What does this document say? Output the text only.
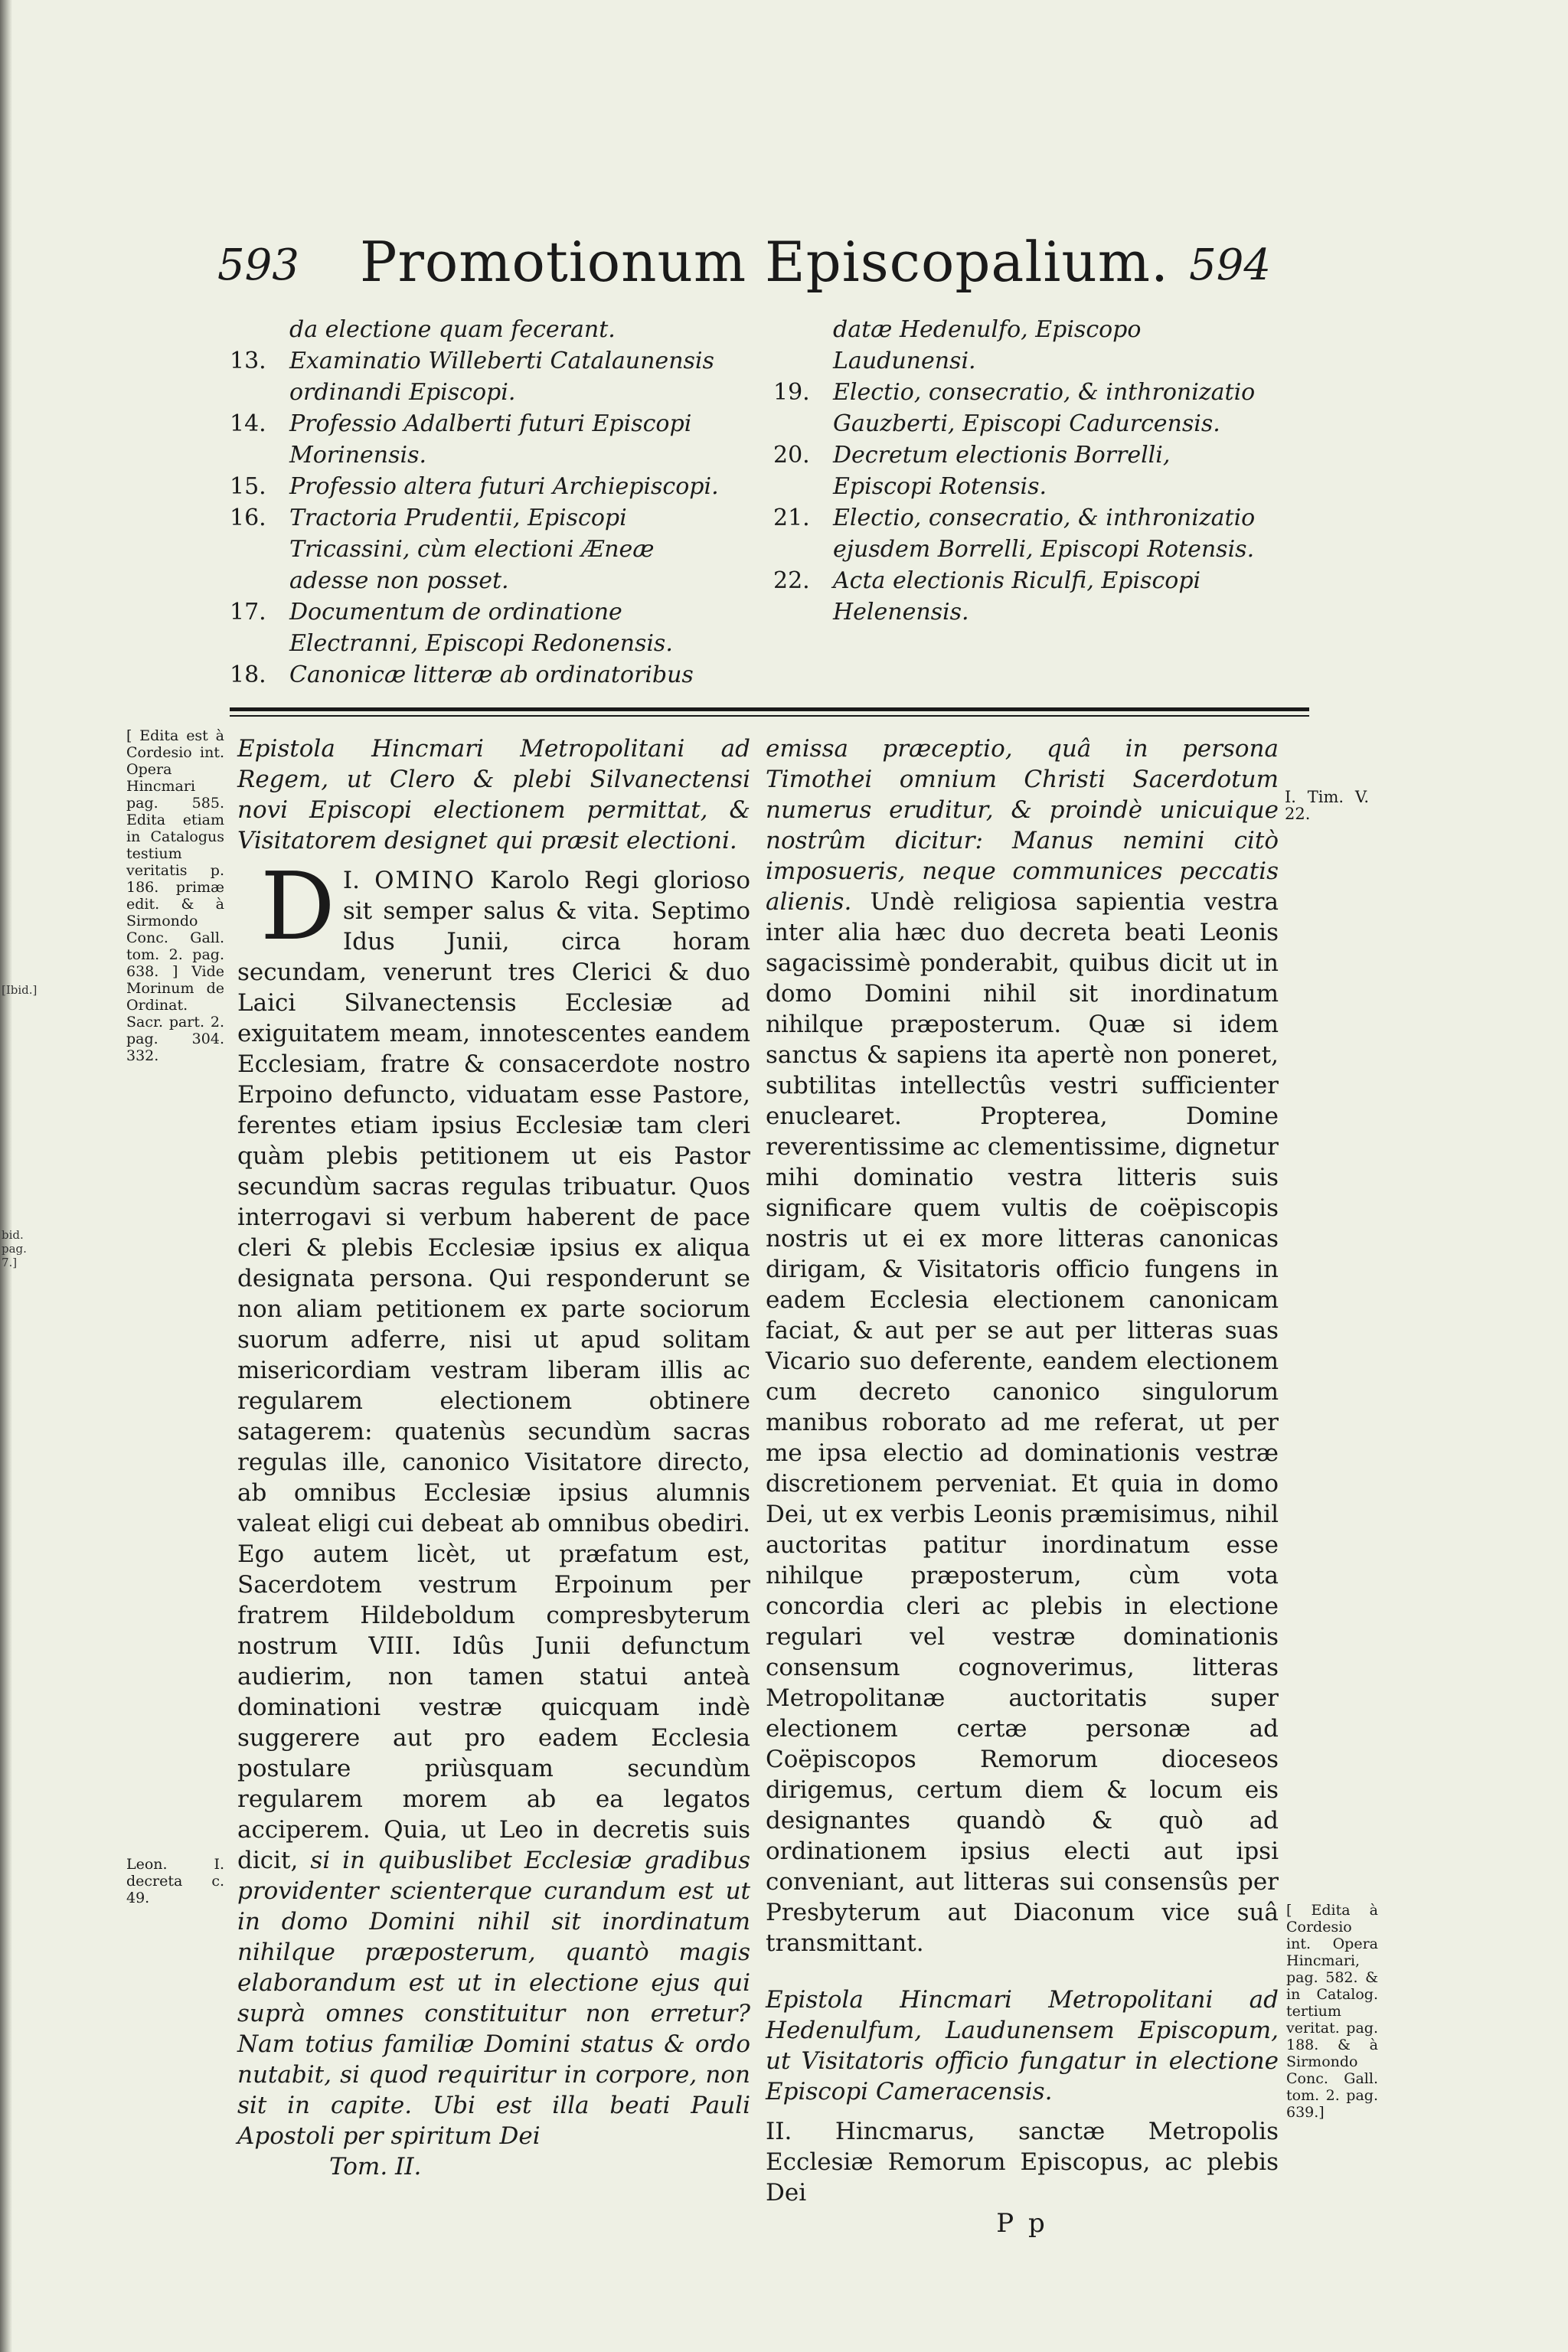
[Ibid.]
bid. pag. 7.]
593 Promotionum Episcopalium. 594
da electione quam fecerant.
13. Examinatio Willeberti Catalaunensis ordinandi Episcopi.
14. Professio Adalberti futuri Episcopi Morinensis.
15. Professio altera futuri Archiepiscopi.
16. Tractoria Prudentii, Episcopi Tricassini, cùm electioni Æneæ adesse non posset.
17. Documentum de ordinatione Electranni, Episcopi Redonensis.
18. Canonicæ litteræ ab ordinatoribus
datæ Hedenulfo, Episcopo Laudunensi.
19. Electio, consecratio, & inthronizatio Gauzberti, Episcopi Cadurcensis.
20. Decretum electionis Borrelli, Episcopi Rotensis.
21. Electio, consecratio, & inthronizatio ejusdem Borrelli, Episcopi Rotensis.
22. Acta electionis Riculfi, Episcopi Helenensis.
[ Edita est à Cordesio int. Opera Hincmari pag. 585. Edita etiam in Catalogus testium veritatis p. 186. primæ edit. & à Sirmondo Conc. Gall. tom. 2. pag. 638. ] Vide Morinum de Ordinat. Sacr. part. 2. pag. 304. 332.
Leon. I. decreta c. 49.

Epistola Hincmari Metropolitani ad Regem, ut Clero & plebi Silvanectensi novi Episcopi electionem permittat, & Visitatorem designet qui præsit electioni.

I.
D OMINO Karolo Regi glorioso sit semper salus & vita. Septimo Idus Junii, circa horam secundam, venerunt tres Clerici & duo Laici Silvanectensis Ecclesiæ ad exiguitatem meam, innotescentes eandem Ecclesiam, fratre & consacerdote nostro Erpoino defuncto, viduatam esse Pastore, ferentes etiam ipsius Ecclesiæ tam cleri quàm plebis petitionem ut eis Pastor secundùm sacras regulas tribuatur. Quos interrogavi si verbum haberent de pace cleri & plebis Ecclesiæ ipsius ex aliqua designata persona. Qui responderunt se non aliam petitionem ex parte sociorum suorum adferre, nisi ut apud solitam misericordiam vestram liberam illis ac regularem electionem obtinere satagerem: quatenùs secundùm sacras regulas ille, canonico Visitatore directo, ab omnibus Ecclesiæ ipsius alumnis valeat eligi cui debeat ab omnibus obediri. Ego autem licèt, ut præfatum est, Sacerdotem vestrum Erpoinum per fratrem Hildeboldum compresbyterum nostrum VIII. Idûs Junii defunctum audierim, non tamen statui anteà dominationi vestræ quicquam indè suggerere aut pro eadem Ecclesia postulare priùsquam secundùm regularem morem ab ea legatos acciperem. Quia, ut Leo in decretis suis dicit, si in quibuslibet Ecclesiæ gradibus providenter scienterque curandum est ut in domo Domini nihil sit inordinatum nihilque præposterum, quantò magis elaborandum est ut in electione ejus qui suprà omnes constituitur non erretur? Nam totius familiæ Domini status & ordo nutabit, si quod requiritur in corpore, non sit in capite. Ubi est illa beati Pauli Apostoli per spiritum Dei

Tom. II.

emissa præceptio, quâ in persona Timothei omnium Christi Sacerdotum numerus eruditur, & proindè unicuique nostrûm dicitur: Manus nemini citò imposueris, neque communices peccatis alienis. Undè religiosa sapientia vestra inter alia hæc duo decreta beati Leonis sagacissimè ponderabit, quibus dicit ut in domo Domini nihil sit inordinatum nihilque præposterum. Quæ si idem sanctus & sapiens ita apertè non poneret, subtilitas intellectûs vestri sufficienter enuclearet. Propterea, Domine reverentissime ac clementissime, dignetur mihi dominatio vestra litteris suis significare quem vultis de coëpiscopis nostris ut ei ex more litteras canonicas dirigam, & Visitatoris officio fungens in eadem Ecclesia electionem canonicam faciat, & aut per se aut per litteras suas Vicario suo deferente, eandem electionem cum decreto canonico singulorum manibus roborato ad me referat, ut per me ipsa electio ad dominationis vestræ discretionem perveniat. Et quia in domo Dei, ut ex verbis Leonis præmisimus, nihil auctoritas patitur inordinatum esse nihilque præposterum, cùm vota concordia cleri ac plebis in electione regulari vel vestræ dominationis consensum cognoverimus, litteras Metropolitanæ auctoritatis super electionem certæ personæ ad Coëpiscopos Remorum dioceseos dirigemus, certum diem & locum eis designantes quandò & quò ad ordinationem ipsius electi aut ipsi conveniant, aut litteras sui consensûs per Presbyterum aut Diaconum vice suâ transmittant.

Epistola Hincmari Metropolitani ad Hedenulfum, Laudunensem Episcopum, ut Visitatoris officio fungatur in electione Episcopi Cameracensis.

II. Hincmarus, sanctæ Metropolis Ecclesiæ Remorum Episcopus, ac plebis Dei

P p
I. Tim. V. 22.
[ Edita à Cordesio int. Opera Hincmari, pag. 582. & in Catalog. tertium veritat. pag. 188. & à Sirmondo Conc. Gall. tom. 2. pag. 639.]
